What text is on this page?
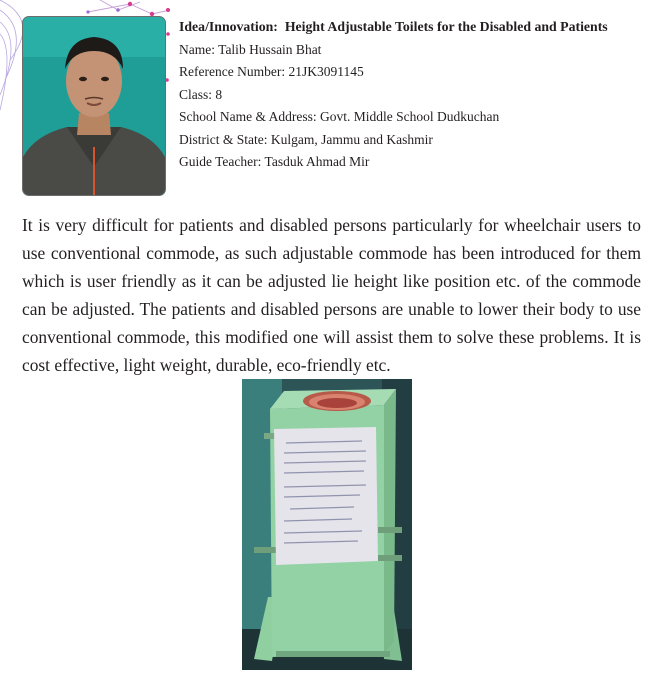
Idea/Innovation: Height Adjustable Toilets for the Disabled and Patients
Name: Talib Hussain Bhat
Reference Number: 21JK3091145
Class: 8
School Name & Address: Govt. Middle School Dudkuchan
District & State: Kulgam, Jammu and Kashmir
Guide Teacher: Tasduk Ahmad Mir

It is very difficult for patients and disabled persons particularly for wheelchair users to use conventional commode, as such adjustable commode has been introduced for them which is user friendly as it can be adjusted lie height like position etc. of the commode can be adjusted. The patients and disabled persons are unable to lower their body to use conventional commode, this modified one will assist them to solve these problems. It is cost effective, light weight, durable, eco-friendly etc.
